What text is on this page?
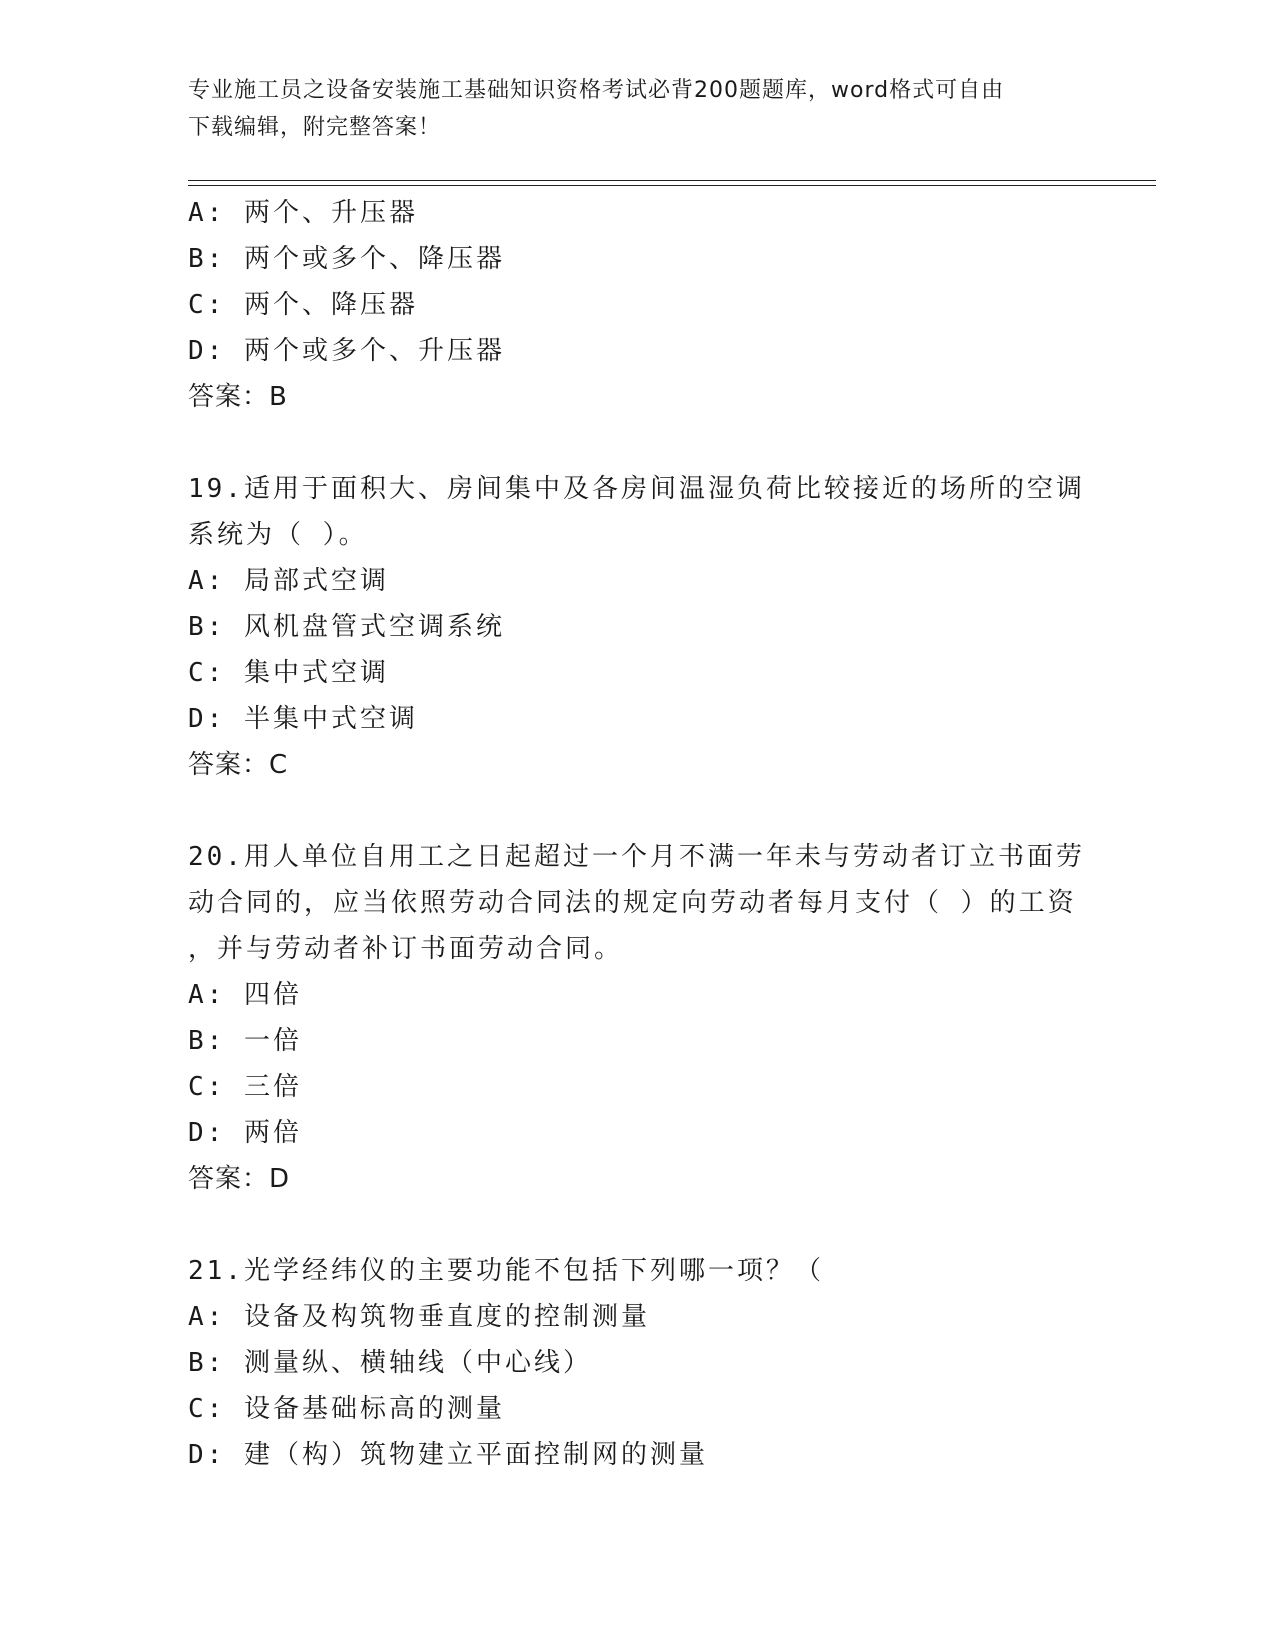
专业施工员之设备安装施工基础知识资格考试必背200题题库，word格式可自由
下载编辑，附完整答案！
A: 两个、升压器
B: 两个或多个、降压器
C: 两个、降压器
D: 两个或多个、升压器
答案：B
19.适用于面积大、房间集中及各房间温湿负荷比较接近的场所的空调
系统为（ ）。
A: 局部式空调
B: 风机盘管式空调系统
C: 集中式空调
D: 半集中式空调
答案：C
20.用人单位自用工之日起超过一个月不满一年未与劳动者订立书面劳
动合同的，应当依照劳动合同法的规定向劳动者每月支付（ ）的工资
，并与劳动者补订书面劳动合同。
A: 四倍
B: 一倍
C: 三倍
D: 两倍
答案：D
21.光学经纬仪的主要功能不包括下列哪一项？（
A: 设备及构筑物垂直度的控制测量
B: 测量纵、横轴线（中心线）
C: 设备基础标高的测量
D: 建（构）筑物建立平面控制网的测量
